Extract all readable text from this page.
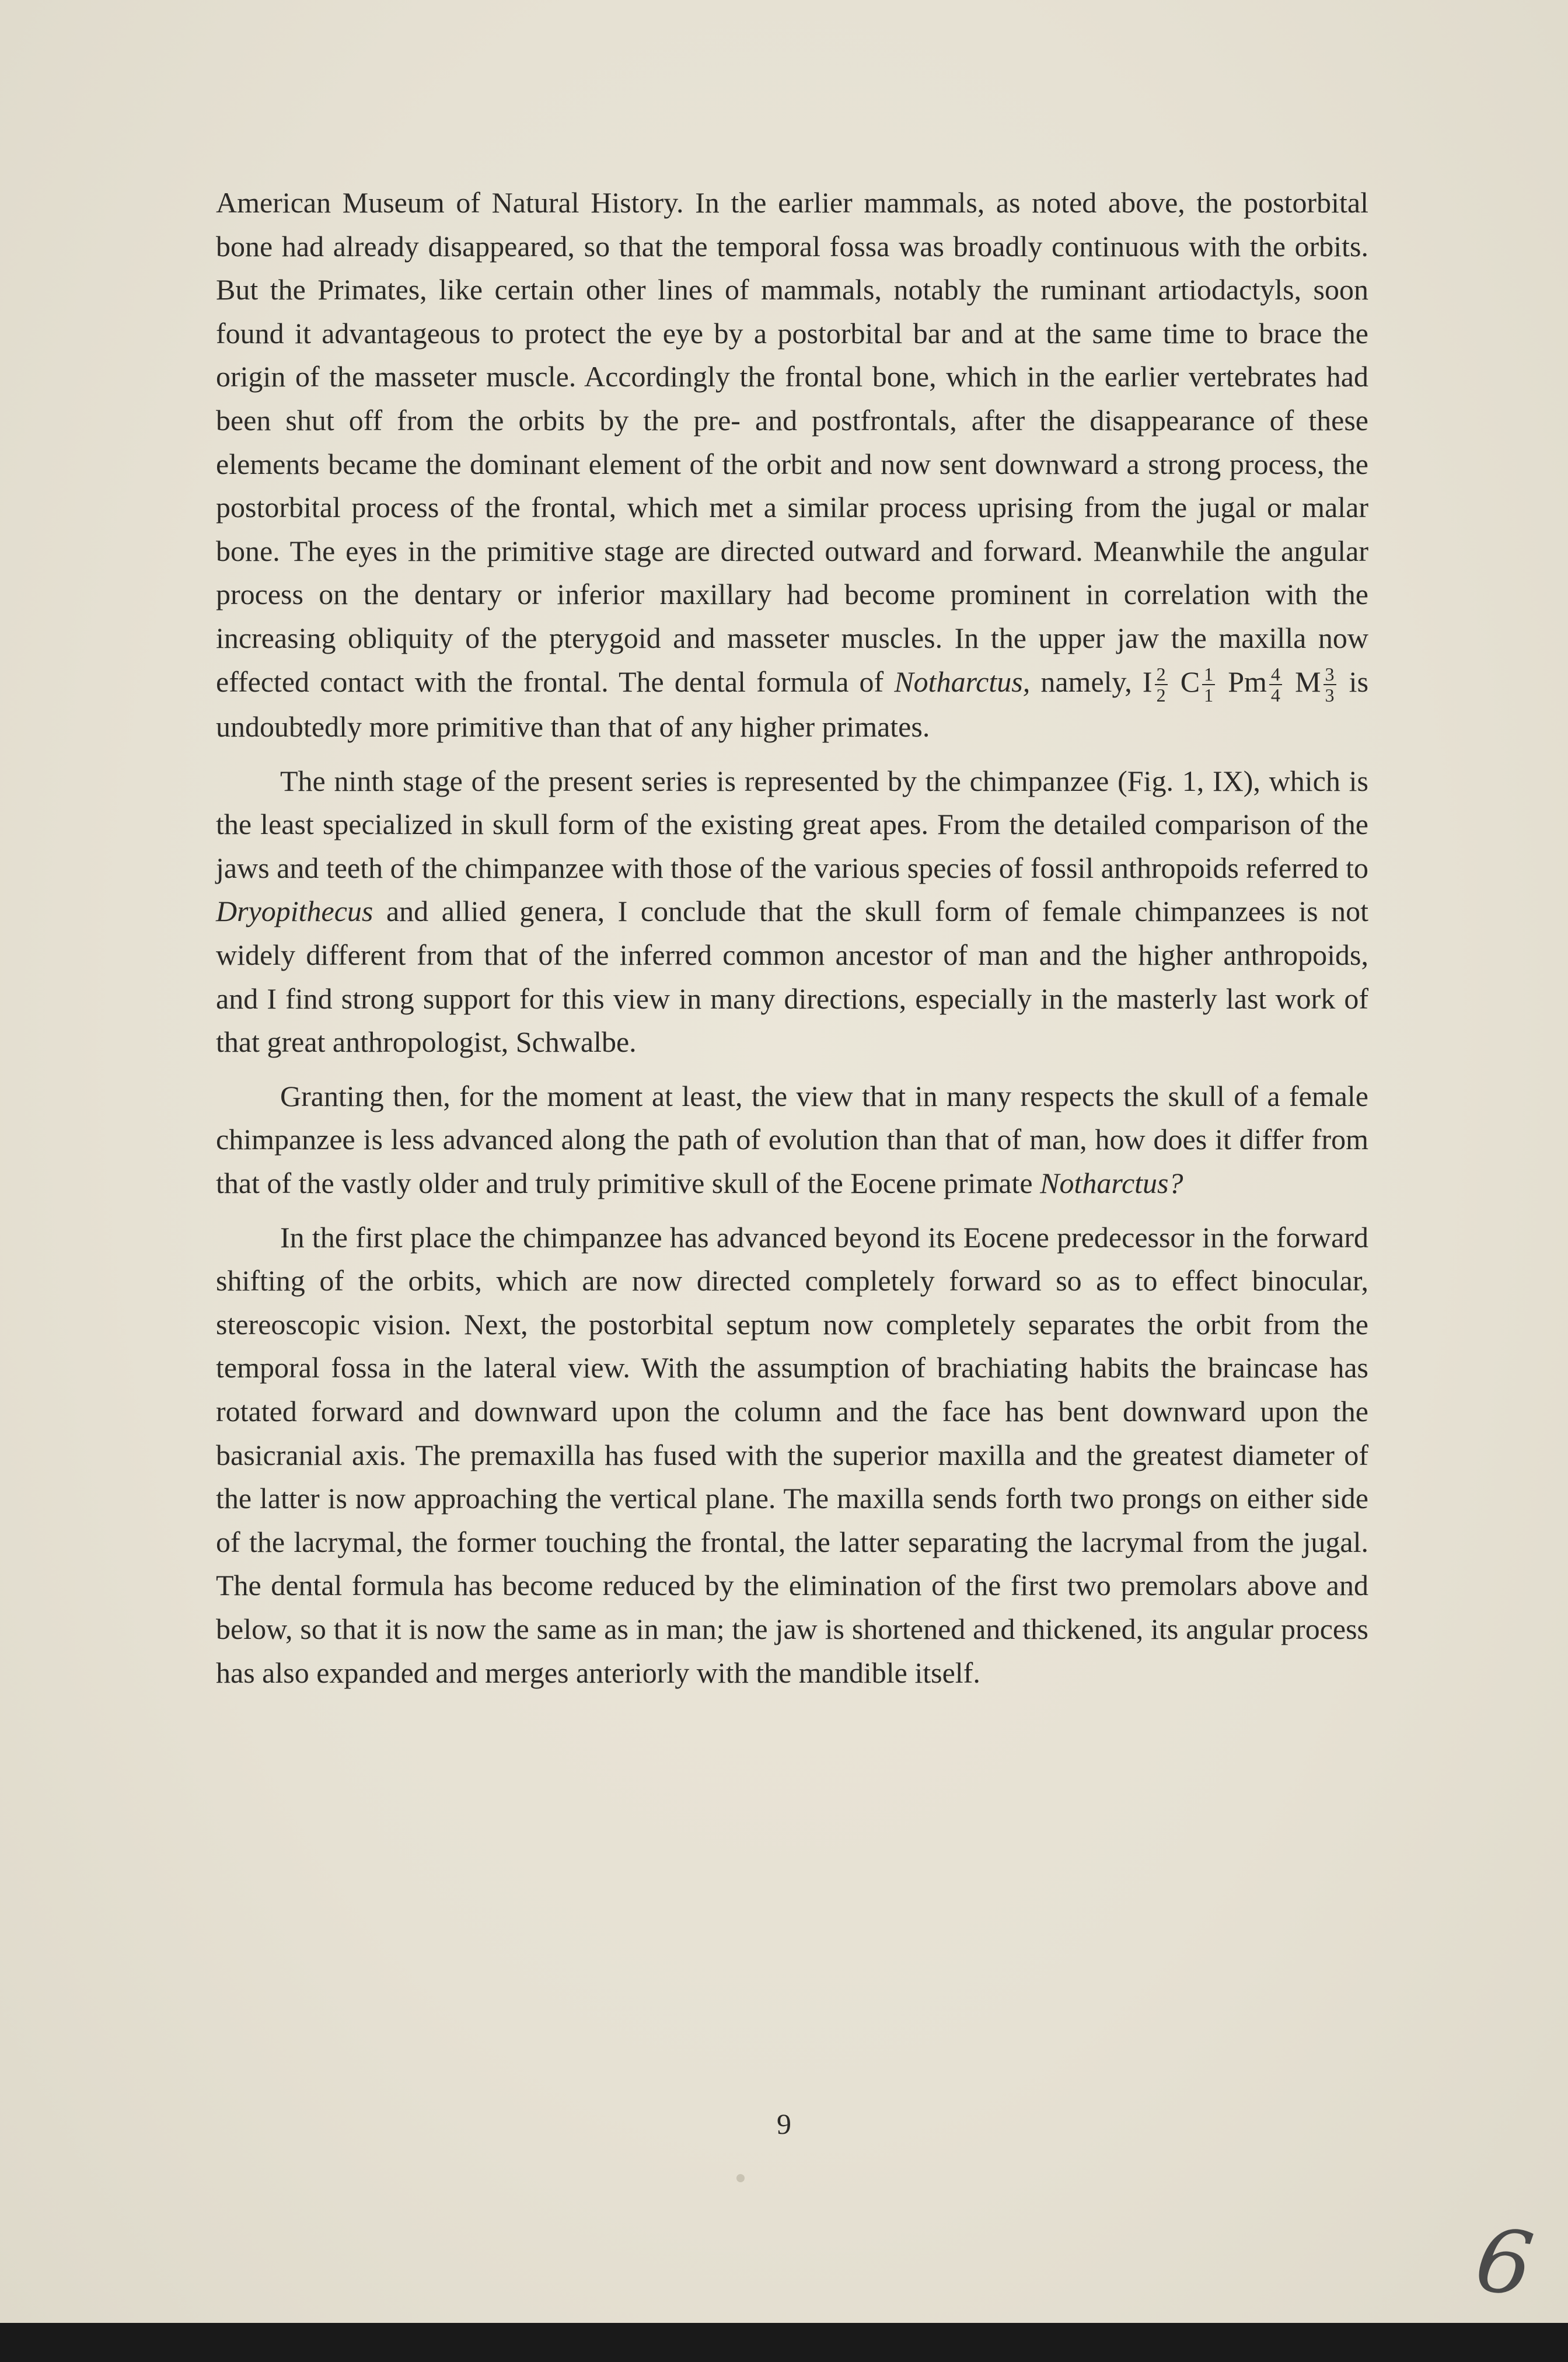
American Museum of Natural History. In the earlier mammals, as noted above, the postorbital bone had already disappeared, so that the temporal fossa was broadly continuous with the orbits. But the Primates, like certain other lines of mammals, notably the ruminant artiodactyls, soon found it advantageous to protect the eye by a postorbital bar and at the same time to brace the origin of the masseter muscle. Accordingly the frontal bone, which in the earlier vertebrates had been shut off from the orbits by the pre- and postfrontals, after the disappearance of these elements became the dominant element of the orbit and now sent downward a strong process, the postorbital process of the frontal, which met a similar process uprising from the jugal or malar bone. The eyes in the primitive stage are directed outward and forward. Meanwhile the angular process on the dentary or inferior maxillary had become prominent in correlation with the increasing obliquity of the pterygoid and masseter muscles. In the upper jaw the maxilla now effected contact with the frontal. The dental formula of Notharctus, namely, I $\frac{2}{2}$ C $\frac{1}{1}$ Pm $\frac{4}{4}$ M $\frac{3}{3}$ is undoubtedly more primitive than that of any higher primates.

The ninth stage of the present series is represented by the chimpanzee (Fig. 1, IX), which is the least specialized in skull form of the existing great apes. From the detailed comparison of the jaws and teeth of the chimpanzee with those of the various species of fossil anthropoids referred to Dryopithecus and allied genera, I conclude that the skull form of female chimpanzees is not widely different from that of the inferred common ancestor of man and the higher anthropoids, and I find strong support for this view in many directions, especially in the masterly last work of that great anthropologist, Schwalbe.

Granting then, for the moment at least, the view that in many respects the skull of a female chimpanzee is less advanced along the path of evolution than that of man, how does it differ from that of the vastly older and truly primitive skull of the Eocene primate Notharctus?

In the first place the chimpanzee has advanced beyond its Eocene predecessor in the forward shifting of the orbits, which are now directed completely forward so as to effect binocular, stereoscopic vision. Next, the postorbital septum now completely separates the orbit from the temporal fossa in the lateral view. With the assumption of brachiating habits the braincase has rotated forward and downward upon the column and the face has bent downward upon the basicranial axis. The premaxilla has fused with the superior maxilla and the greatest diameter of the latter is now approaching the vertical plane. The maxilla sends forth two prongs on either side of the lacrymal, the former touching the frontal, the latter separating the lacrymal from the jugal. The dental formula has become reduced by the elimination of the first two premolars above and below, so that it is now the same as in man; the jaw is shortened and thickened, its angular process has also expanded and merges anteriorly with the mandible itself.

9
6
